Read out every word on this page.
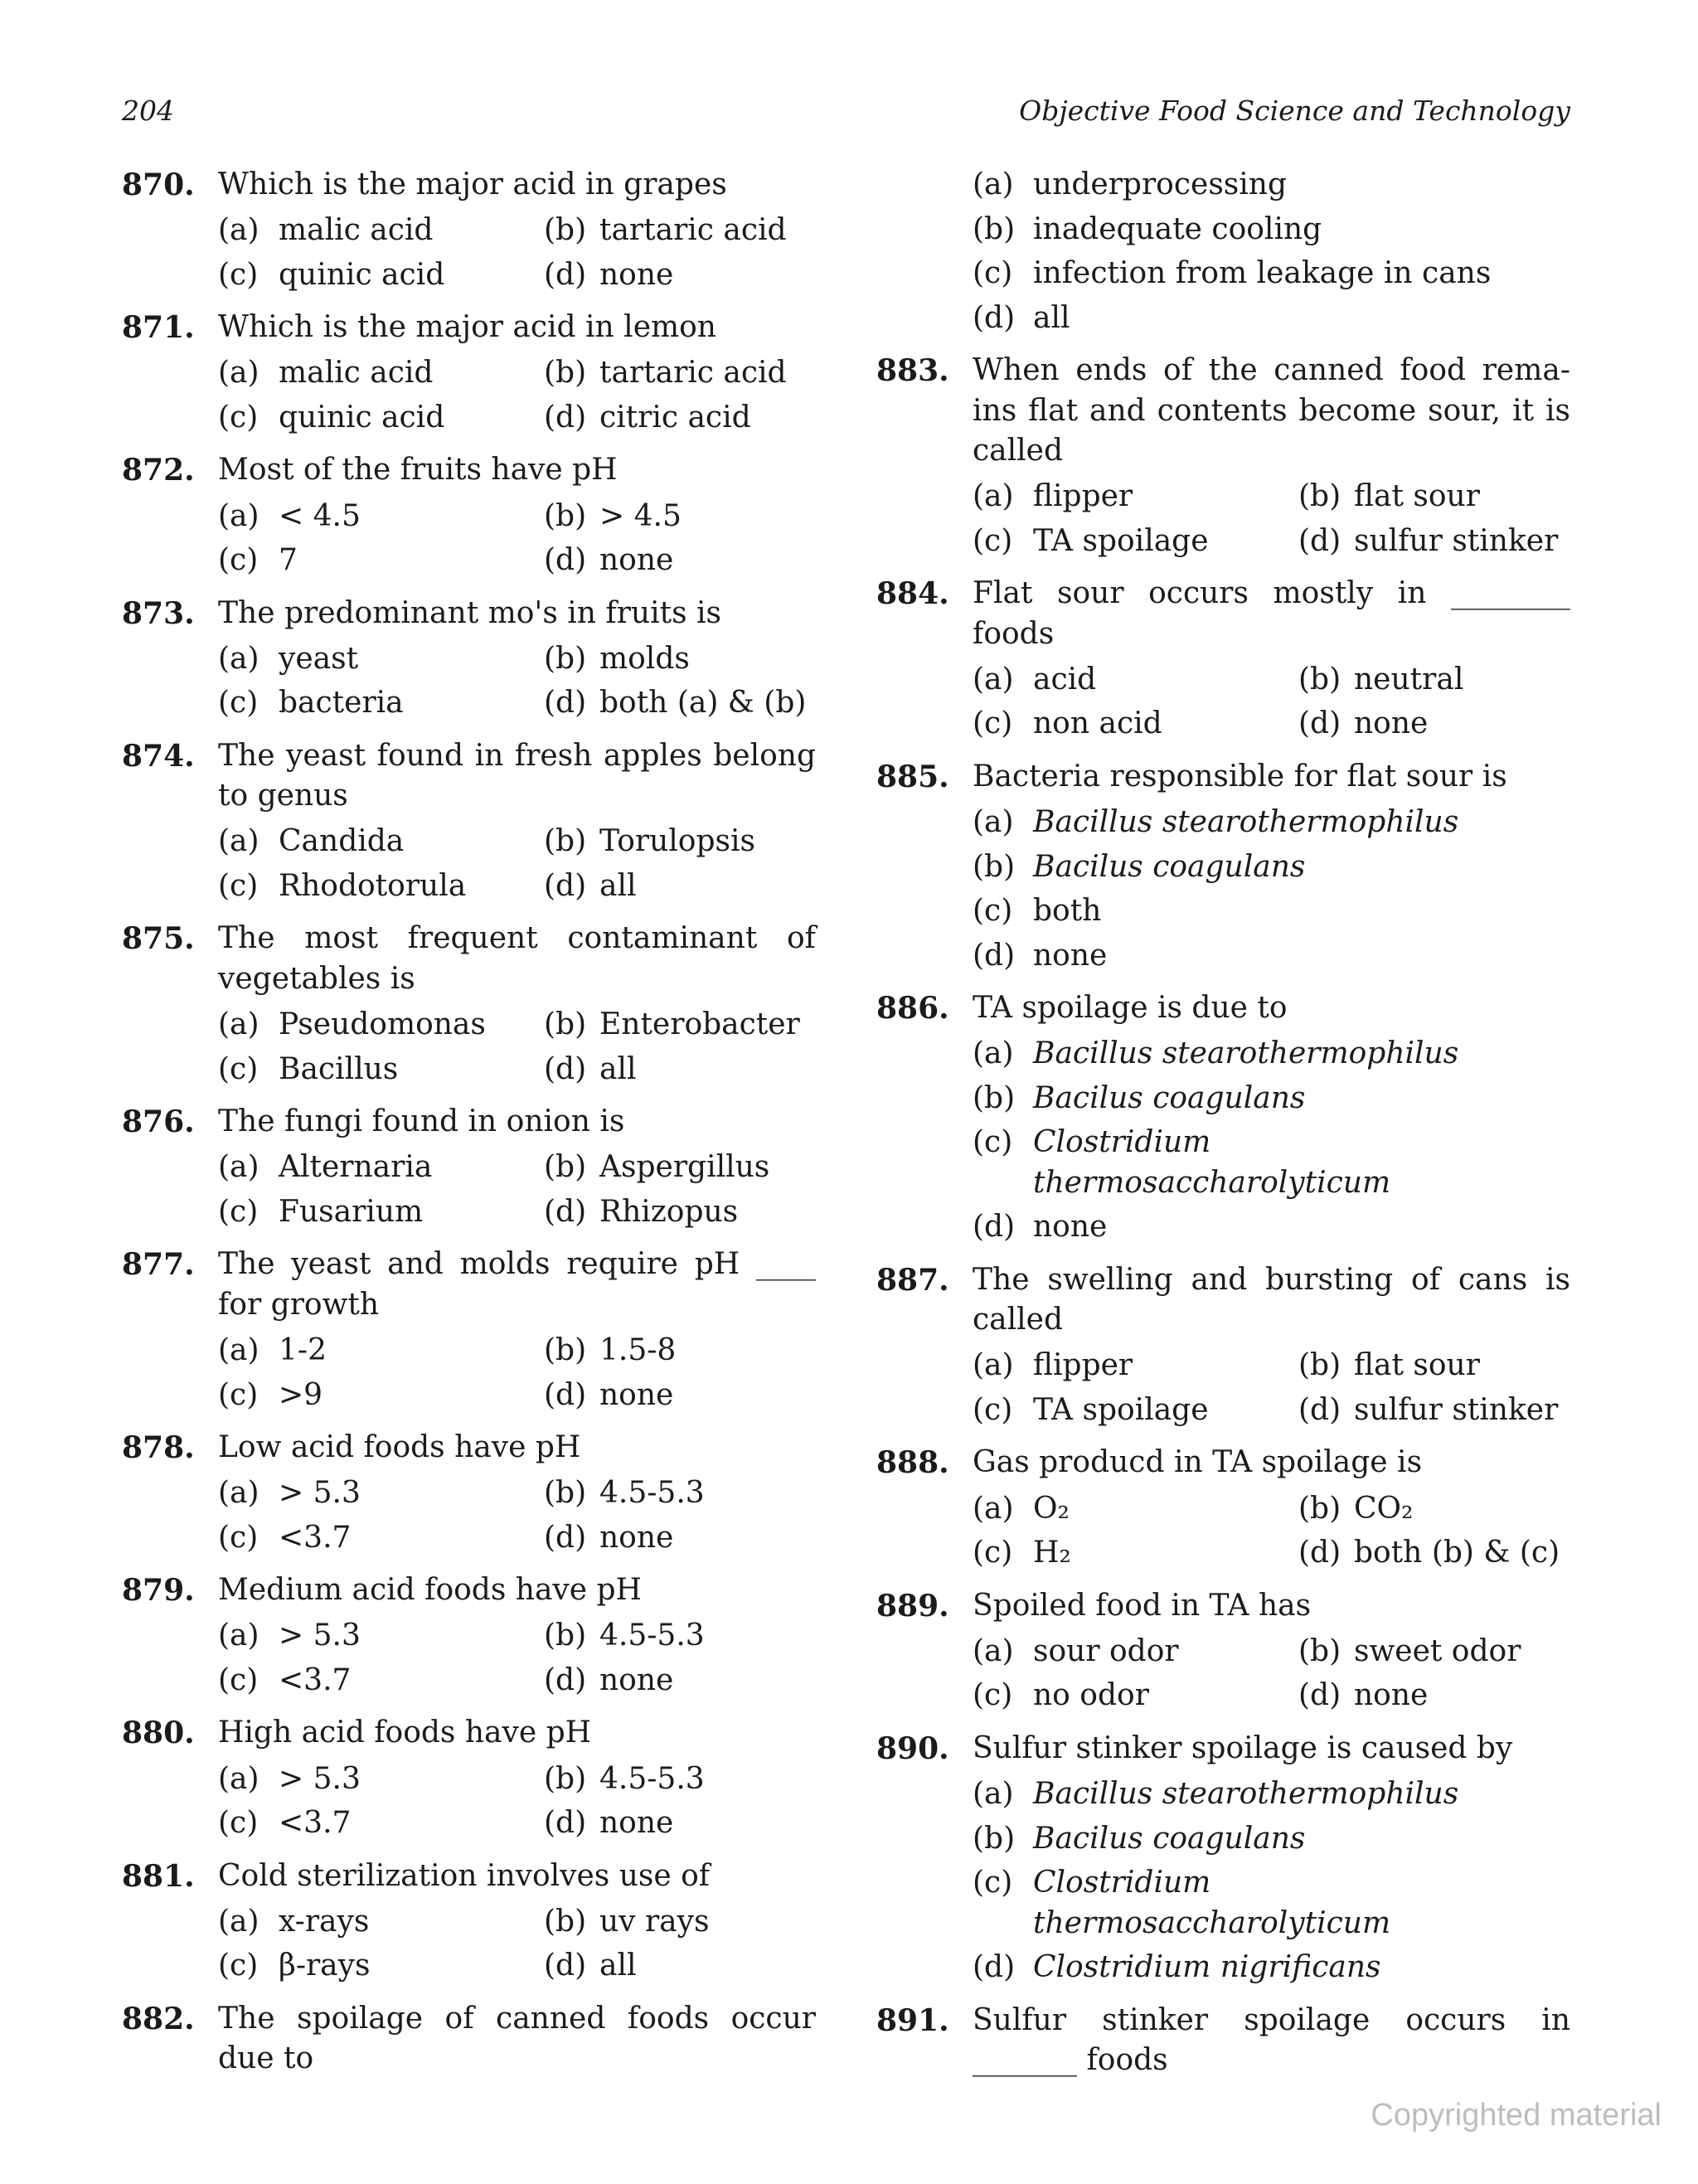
204	Objective Food Science and Technology
870. Which is the major acid in grapes
(a) malic acid	(b) tartaric acid
(c) quinic acid	(d) none
871. Which is the major acid in lemon
(a) malic acid	(b) tartaric acid
(c) quinic acid	(d) citric acid
872. Most of the fruits have pH
(a) < 4.5	(b) > 4.5
(c) 7	(d) none
873. The predominant mo's in fruits is
(a) yeast	(b) molds
(c) bacteria	(d) both (a) & (b)
874. The yeast found in fresh apples belong
to genus
(a) Candida	(b) Torulopsis
(c) Rhodotorula	(d) all
875. The most frequent contaminant of
vegetables is
(a) Pseudomonas (b) Enterobacter
(c) Bacillus	(d) all
876. The fungi found in onion is
(a) Alternaria	(b) Aspergillus
(c) Fusarium	(d) Rhizopus
877. The yeast and molds require pH ____
for growth
(a) 1-2	(b) 1.5-8
(c) >9	(d) none
878. Low acid foods have pH
(a) > 5.3	(b) 4.5-5.3
(c) <3.7	(d) none
879. Medium acid foods have pH
(a) > 5.3	(b) 4.5-5.3
(c) <3.7	(d) none
880. High acid foods have pH
(a) > 5.3	(b) 4.5-5.3
(c) <3.7	(d) none
881. Cold sterilization involves use of
(a) x-rays	(b) uv rays
(c) β-rays	(d) all
882. The spoilage of canned foods occur
due to
(a) underprocessing
(b) inadequate cooling
(c) infection from leakage in cans
(d) all
883. When ends of the canned food rema-
ins flat and contents become sour, it is
called
(a) flipper	(b) flat sour
(c) TA spoilage	(d) sulfur stinker
884. Flat sour occurs mostly in ________
foods
(a) acid	(b) neutral
(c) non acid	(d) none
885. Bacteria responsible for flat sour is
(a) Bacillus stearothermophilus
(b) Bacilus coagulans
(c) both
(d) none
886. TA spoilage is due to
(a) Bacillus stearothermophilus
(b) Bacilus coagulans
(c) Clostridium
thermosaccharolyticum
(d) none
887. The swelling and bursting of cans is
called
(a) flipper	(b) flat sour
(c) TA spoilage	(d) sulfur stinker
888. Gas producd in TA spoilage is
(a) O₂	(b) CO₂
(c) H₂	(d) both (b) & (c)
889. Spoiled food in TA has
(a) sour odor	(b) sweet odor
(c) no odor	(d) none
890. Sulfur stinker spoilage is caused by
(a) Bacillus stearothermophilus
(b) Bacilus coagulans
(c) Clostridium
thermosaccharolyticum
(d) Clostridium nigrificans
891. Sulfur stinker spoilage occurs in
_______ foods
Copyrighted material
